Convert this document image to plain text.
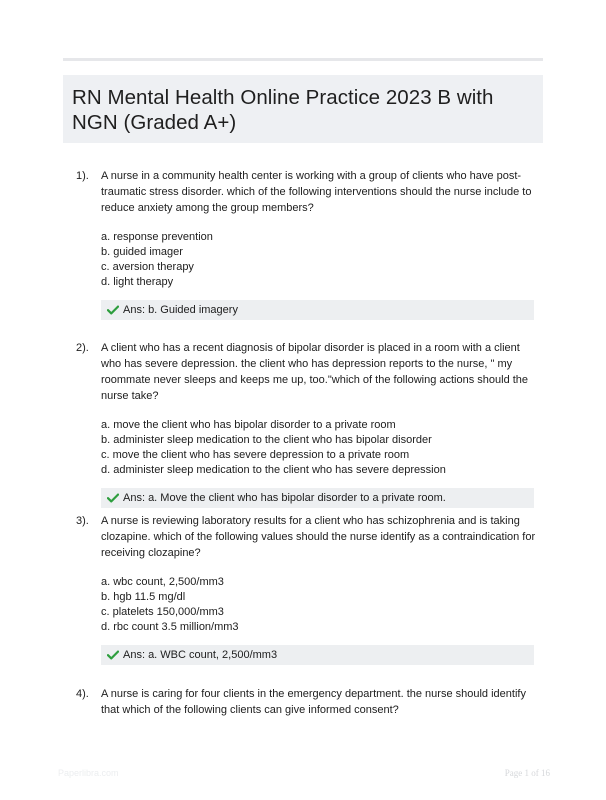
RN Mental Health Online Practice 2023 B with NGN (Graded A+)
1). A nurse in a community health center is working with a group of clients who have post-traumatic stress disorder. which of the following interventions should the nurse include to reduce anxiety among the group members?

a. response prevention
b. guided imager
c. aversion therapy
d. light therapy
Ans: b. Guided imagery
2). A client who has a recent diagnosis of bipolar disorder is placed in a room with a client who has severe depression. the client who has depression reports to the nurse, " my roommate never sleeps and keeps me up, too."which of the following actions should the nurse take?

a. move the client who has bipolar disorder to a private room
b. administer sleep medication to the client who has bipolar disorder
c. move the client who has severe depression to a private room
d. administer sleep medication to the client who has severe depression
Ans: a. Move the client who has bipolar disorder to a private room.
3). A nurse is reviewing laboratory results for a client who has schizophrenia and is taking clozapine. which of the following values should the nurse identify as a contraindication for receiving clozapine?

a. wbc count, 2,500/mm3
b. hgb 11.5 mg/dl
c. platelets 150,000/mm3
d. rbc count 3.5 million/mm3
Ans: a. WBC count, 2,500/mm3
4). A nurse is caring for four clients in the emergency department. the nurse should identify that which of the following clients can give informed consent?

Paperlibra.com	Page 1 of 16
